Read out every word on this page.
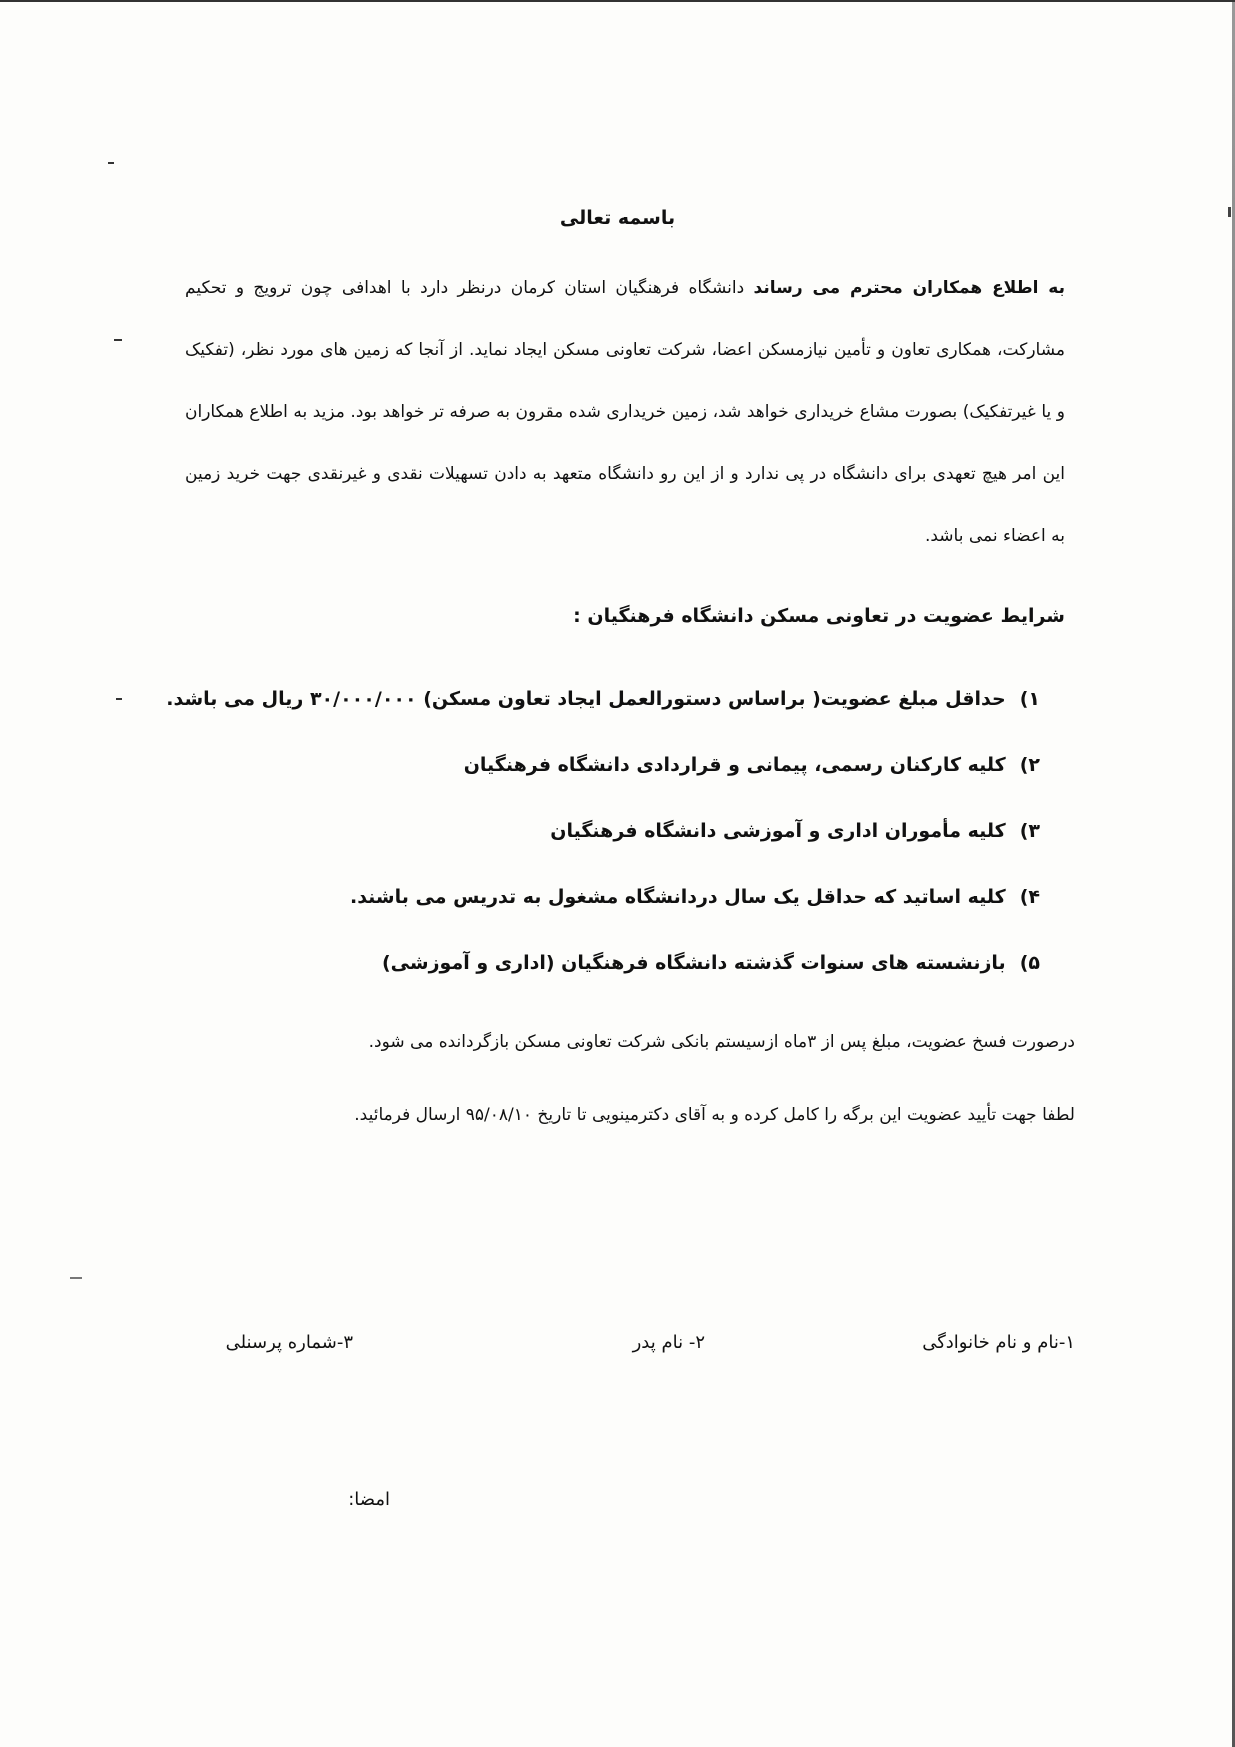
باسمه تعالی
به اطلاع همکاران محترم می رساند دانشگاه فرهنگیان استان کرمان درنظر دارد با اهدافی چون ترویج و تحکیم مشارکت، همکاری تعاون و تأمین نیازمسکن اعضا، شرکت تعاونی مسکن ایجاد نماید. از آنجا که زمین های مورد نظر، (تفکیک و یا غیرتفکیک) بصورت مشاع خریداری خواهد شد، زمین خریداری شده مقرون به صرفه تر خواهد بود. مزید به اطلاع همکاران این امر هیچ تعهدی برای دانشگاه در پی ندارد و از این رو دانشگاه متعهد به دادن تسهیلات نقدی و غیرنقدی جهت خرید زمین به اعضاء نمی باشد.
شرایط عضویت در تعاونی مسکن دانشگاه فرهنگیان :
۱)حداقل مبلغ عضویت( براساس دستورالعمل ایجاد تعاون مسکن) ۳۰/۰۰۰/۰۰۰ ریال می باشد.
۲)کلیه کارکنان رسمی، پیمانی و قراردادی دانشگاه فرهنگیان
۳)کلیه مأموران اداری و آموزشی دانشگاه فرهنگیان
۴)کلیه اساتید که حداقل یک سال دردانشگاه مشغول به تدریس می باشند.
۵)بازنشسته های سنوات گذشته دانشگاه فرهنگیان (اداری و آموزشی)
درصورت فسخ عضویت، مبلغ پس از ۳ماه ازسیستم بانکی شرکت تعاونی مسکن بازگردانده می شود.
لطفا جهت تأیید عضویت این برگه را کامل کرده و به آقای دکترمینویی تا تاریخ ۹۵/۰۸/۱۰ ارسال فرمائید.
۱-نام و نام خانوادگی
۲- نام پدر
۳-شماره پرسنلی
امضا:
